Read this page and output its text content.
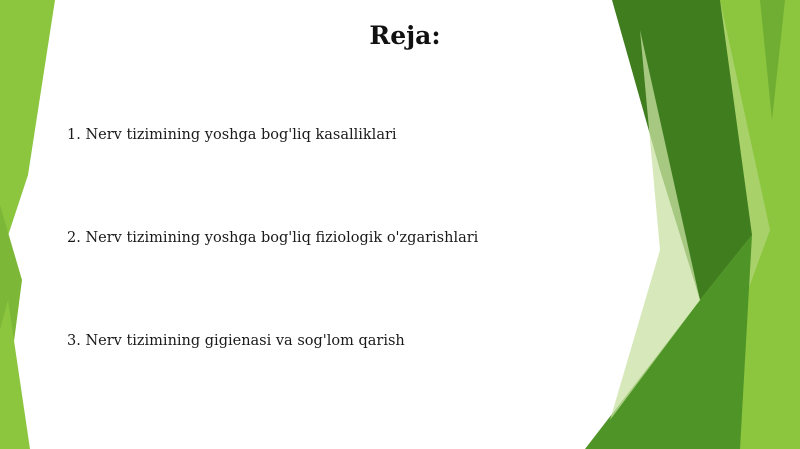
Reja:
1. Nerv tizimining yoshga bog'liq kasalliklari
2. Nerv tizimining yoshga bog'liq fiziologik o'zgarishlari
3. Nerv tizimining gigienasi va sog'lom qarish
